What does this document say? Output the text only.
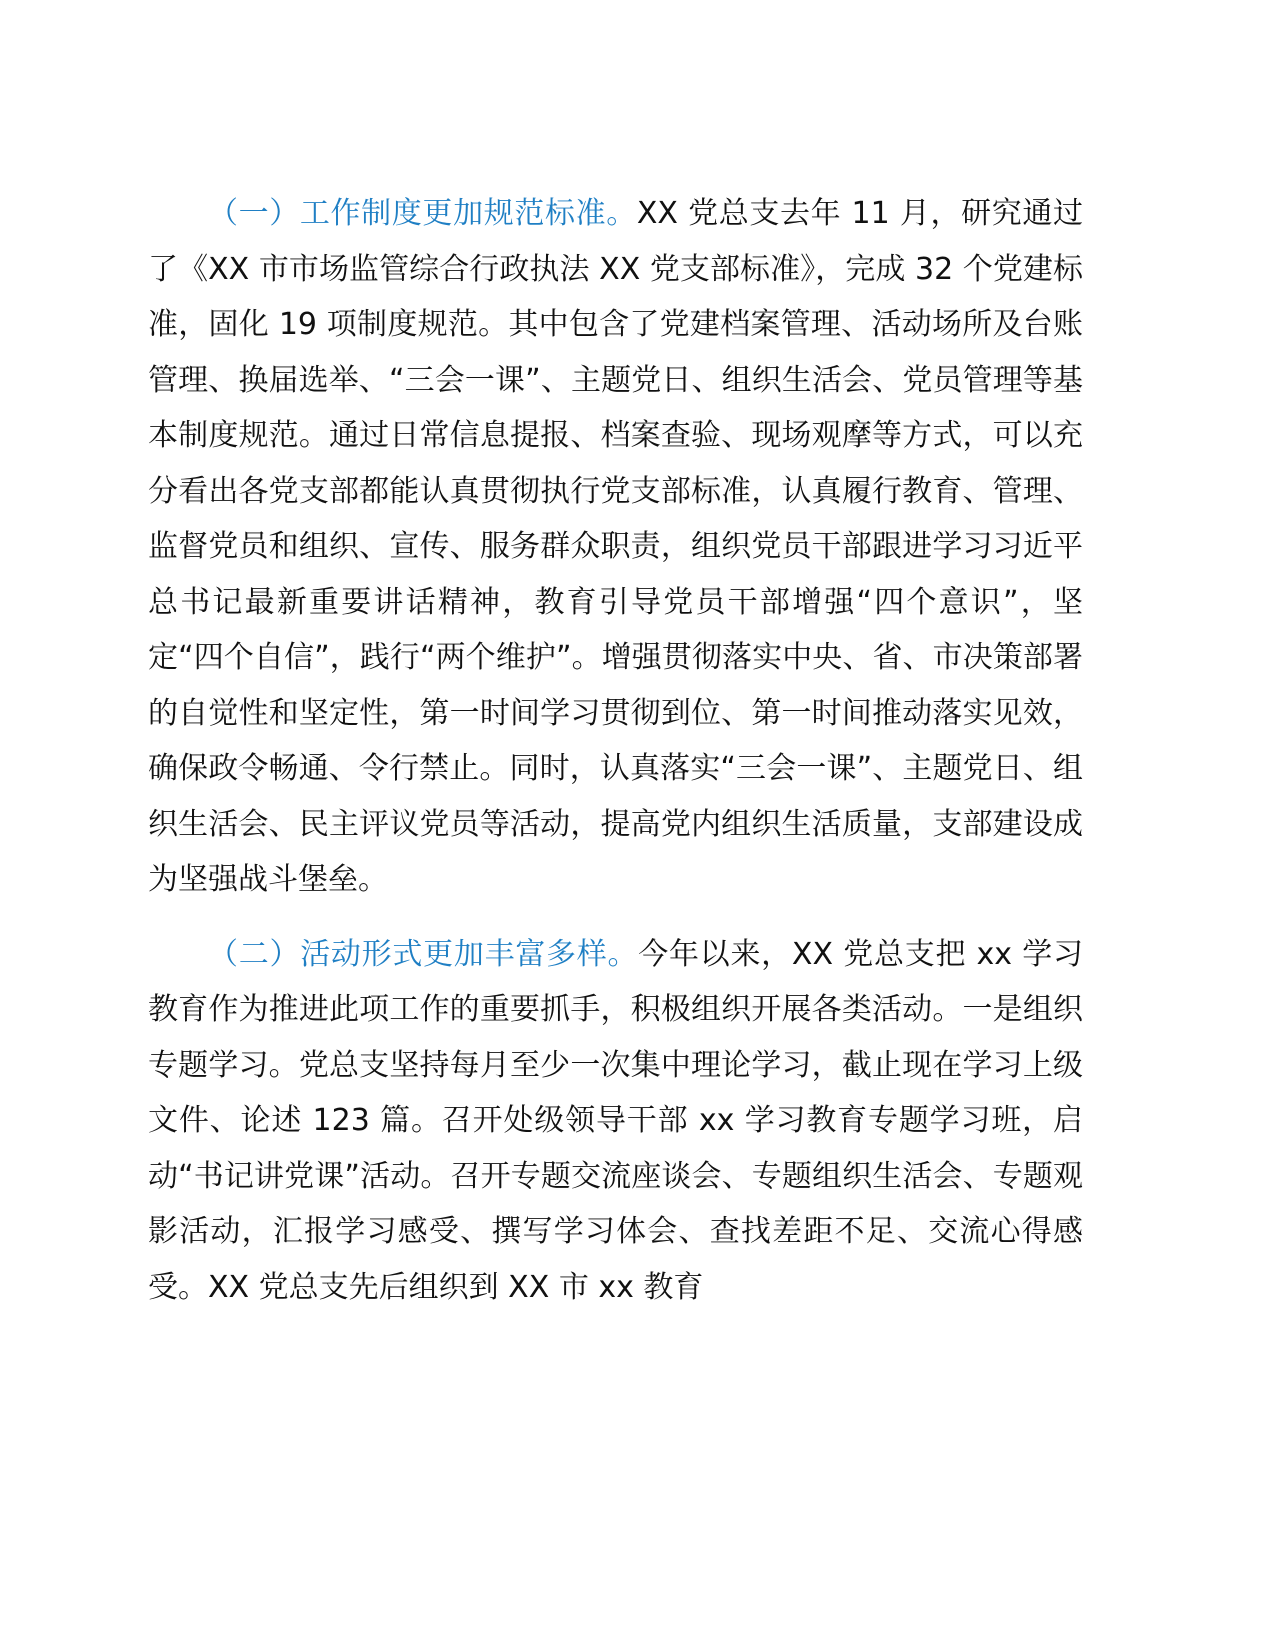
（一）工作制度更加规范标准。XX 党总支去年 11 月，研究通过了《XX 市市场监管综合行政执法 XX 党支部标准》，完成 32 个党建标准，固化 19 项制度规范。其中包含了党建档案管理、活动场所及台账管理、换届选举、“三会一课”、主题党日、组织生活会、党员管理等基本制度规范。通过日常信息提报、档案查验、现场观摩等方式，可以充分看出各党支部都能认真贯彻执行党支部标准，认真履行教育、管理、监督党员和组织、宣传、服务群众职责，组织党员干部跟进学习习近平总书记最新重要讲话精神，教育引导党员干部增强“四个意识”，坚定“四个自信”，践行“两个维护”。增强贯彻落实中央、省、市决策部署的自觉性和坚定性，第一时间学习贯彻到位、第一时间推动落实见效，确保政令畅通、令行禁止。同时，认真落实“三会一课”、主题党日、组织生活会、民主评议党员等活动，提高党内组织生活质量，支部建设成为坚强战斗堡垒。

（二）活动形式更加丰富多样。今年以来，XX 党总支把 xx 学习教育作为推进此项工作的重要抓手，积极组织开展各类活动。一是组织专题学习。党总支坚持每月至少一次集中理论学习，截止现在学习上级文件、论述 123 篇。召开处级领导干部 xx 学习教育专题学习班，启动“书记讲党课”活动。召开专题交流座谈会、专题组织生活会、专题观影活动，汇报学习感受、撰写学习体会、查找差距不足、交流心得感受。XX 党总支先后组织到 XX 市 xx 教育
